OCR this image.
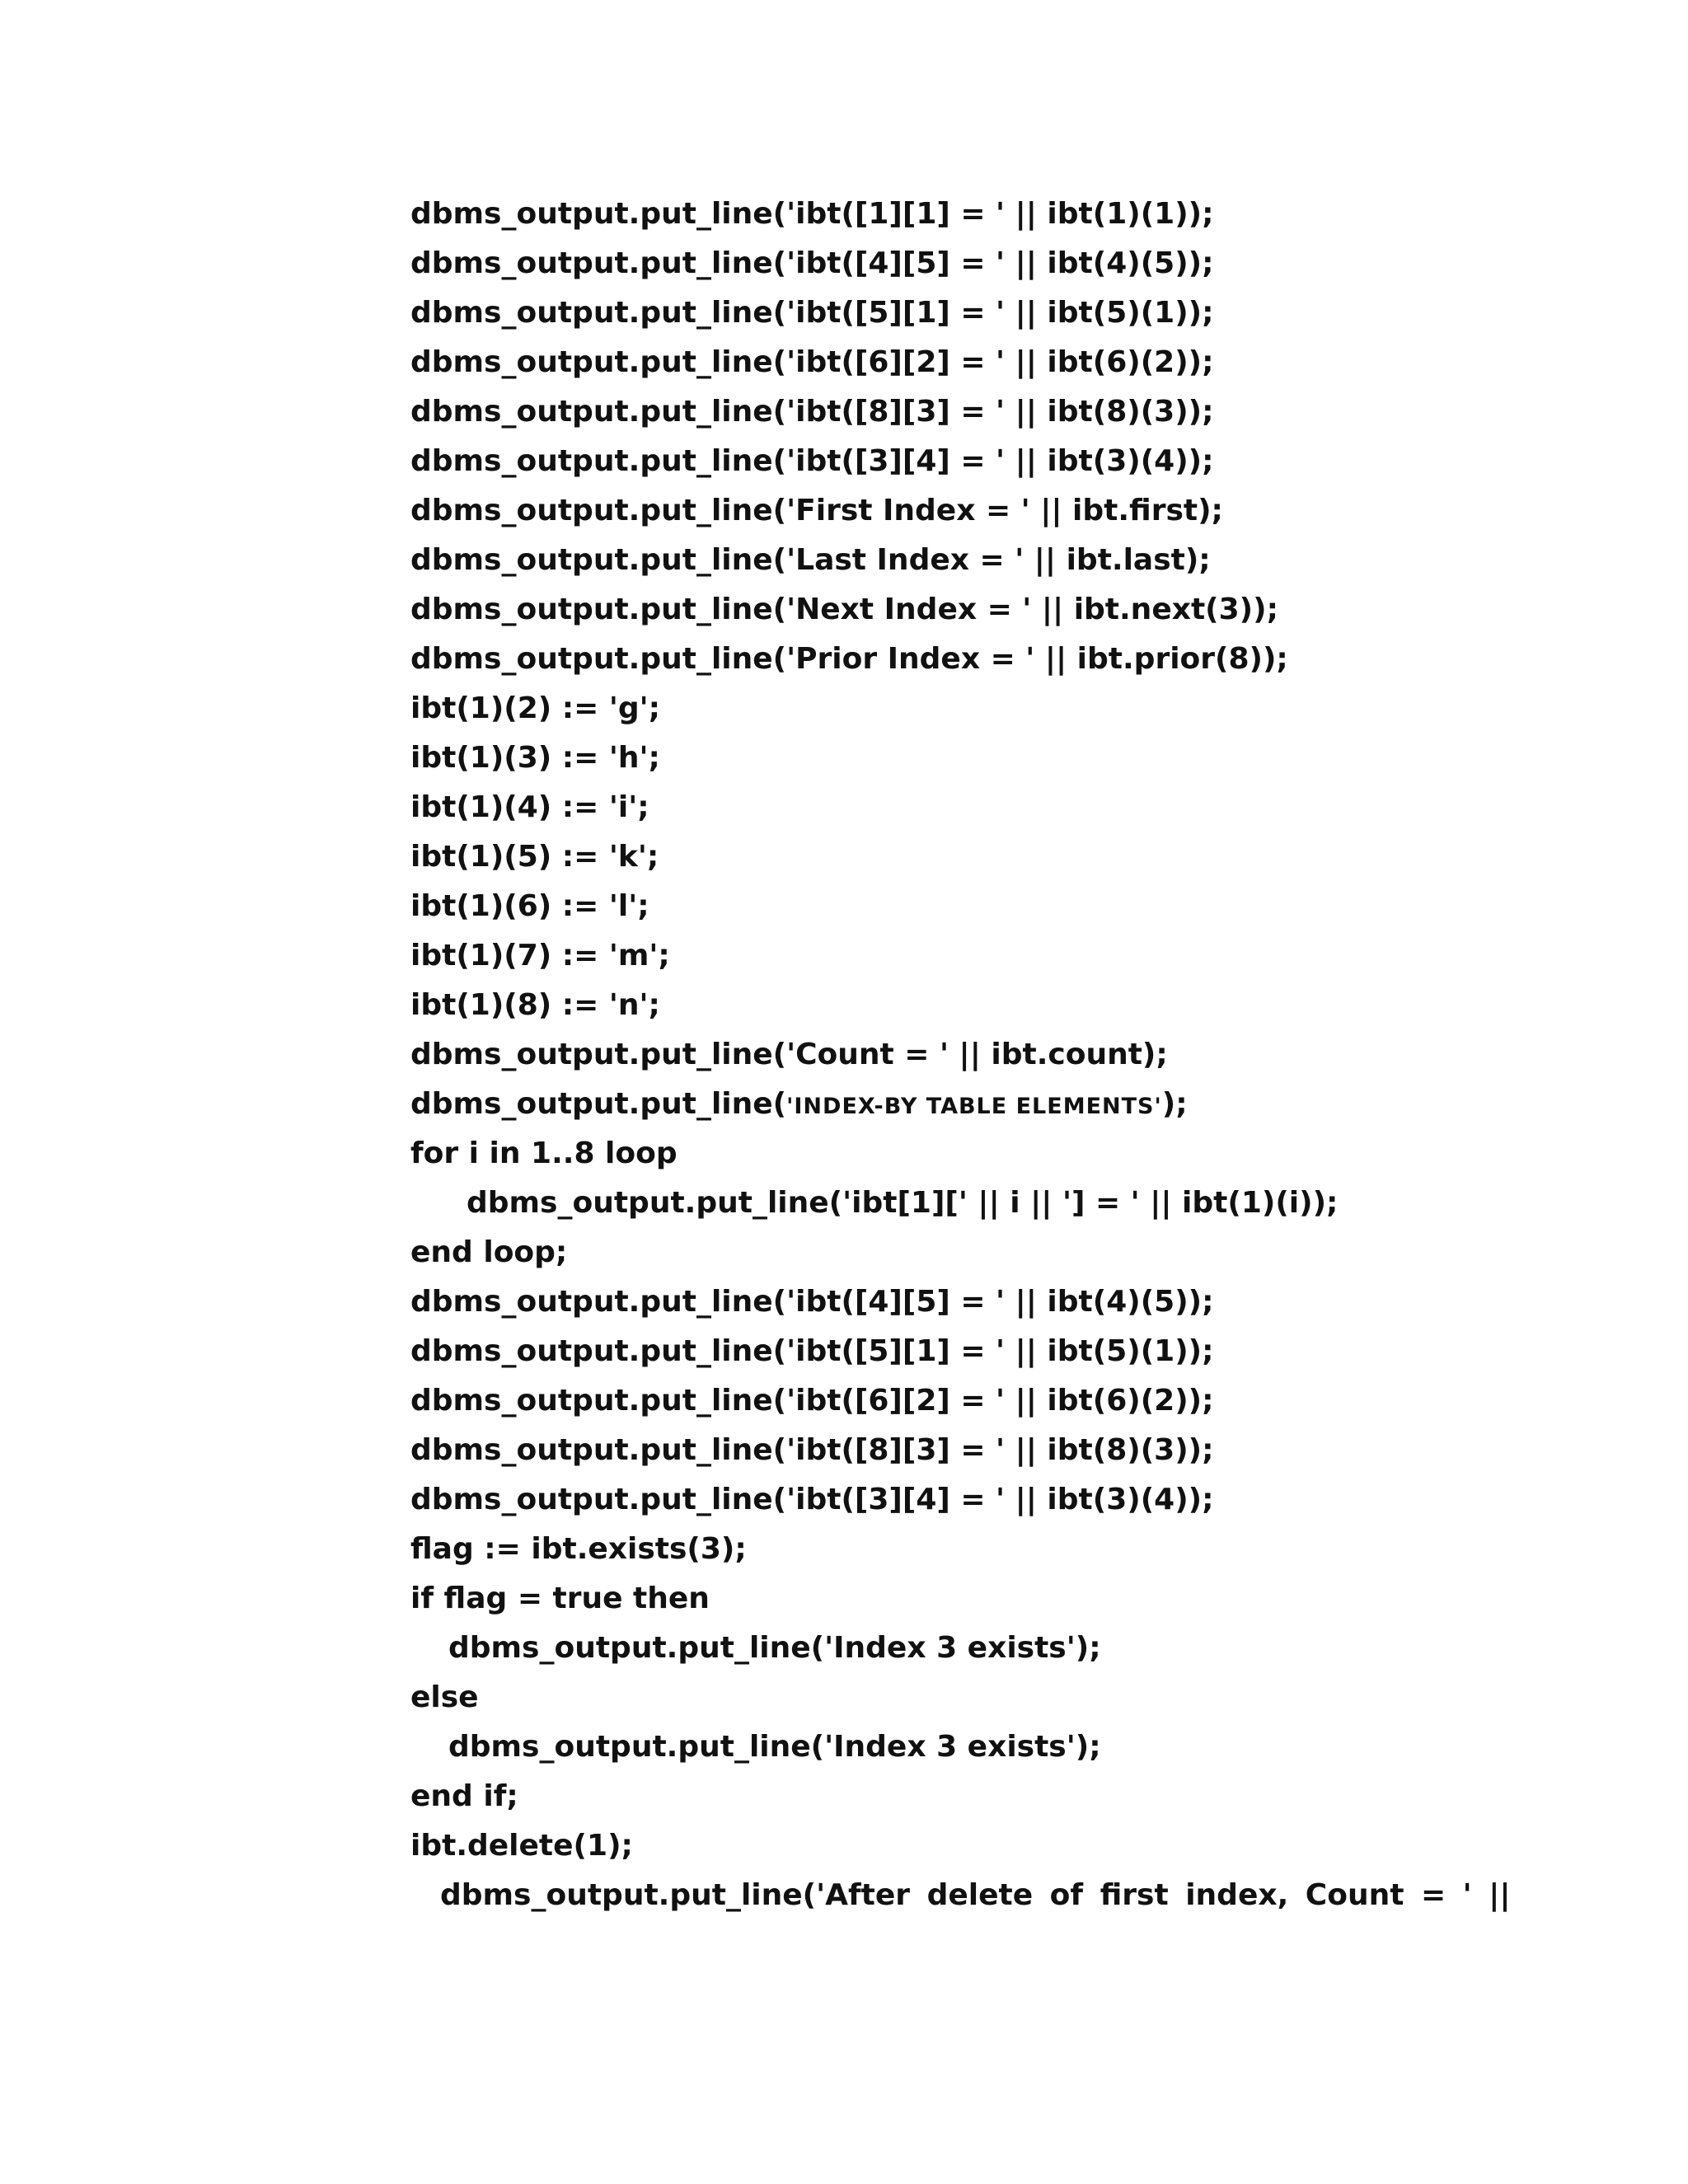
dbms_output.put_line('ibt([1][1] = ' || ibt(1)(1));
dbms_output.put_line('ibt([4][5] = ' || ibt(4)(5));
dbms_output.put_line('ibt([5][1] = ' || ibt(5)(1));
dbms_output.put_line('ibt([6][2] = ' || ibt(6)(2));
dbms_output.put_line('ibt([8][3] = ' || ibt(8)(3));
dbms_output.put_line('ibt([3][4] = ' || ibt(3)(4));
dbms_output.put_line('First Index = ' || ibt.first);
dbms_output.put_line('Last Index = ' || ibt.last);
dbms_output.put_line('Next Index = ' || ibt.next(3));
dbms_output.put_line('Prior Index = ' || ibt.prior(8));
ibt(1)(2) := 'g';
ibt(1)(3) := 'h';
ibt(1)(4) := 'i';
ibt(1)(5) := 'k';
ibt(1)(6) := 'l';
ibt(1)(7) := 'm';
ibt(1)(8) := 'n';
dbms_output.put_line('Count = ' || ibt.count);
dbms_output.put_line('INDEX-BY TABLE ELEMENTS');
for i in 1..8 loop
dbms_output.put_line('ibt[1][' || i || '] = ' || ibt(1)(i));
end loop;
dbms_output.put_line('ibt([4][5] = ' || ibt(4)(5));
dbms_output.put_line('ibt([5][1] = ' || ibt(5)(1));
dbms_output.put_line('ibt([6][2] = ' || ibt(6)(2));
dbms_output.put_line('ibt([8][3] = ' || ibt(8)(3));
dbms_output.put_line('ibt([3][4] = ' || ibt(3)(4));
flag := ibt.exists(3);
if flag = true then
dbms_output.put_line('Index 3 exists');
else
dbms_output.put_line('Index 3 exists');
end if;
ibt.delete(1);
dbms_output.put_line('After delete of first index, Count = ' ||
